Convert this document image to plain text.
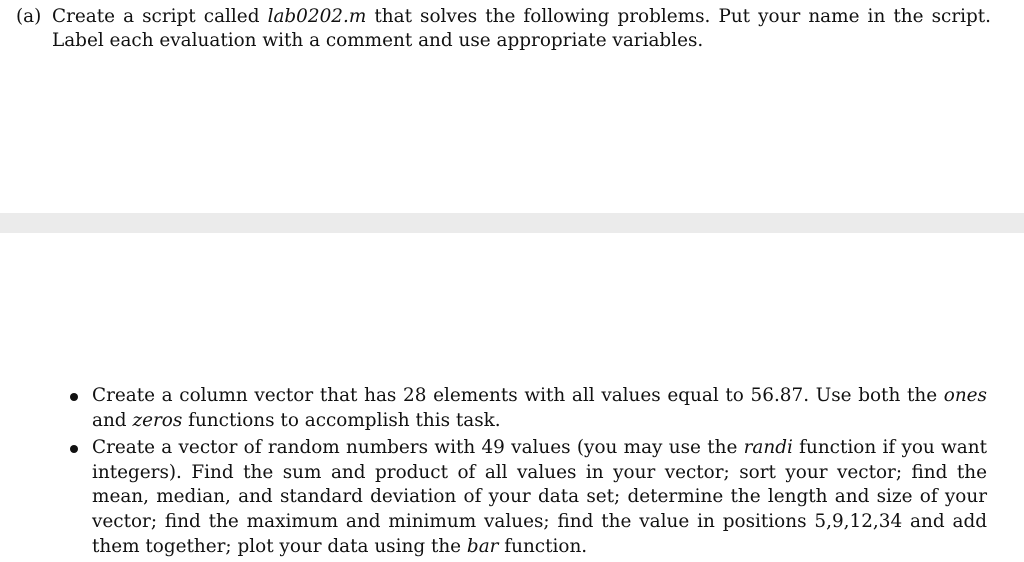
(a) Create a script called lab0202.m that solves the following problems. Put your name in the script. Label each evaluation with a comment and use appropriate variables.
Create a column vector that has 28 elements with all values equal to 56.87. Use both the ones and zeros functions to accomplish this task.
Create a vector of random numbers with 49 values (you may use the randi function if you want integers). Find the sum and product of all values in your vector; sort your vector; find the mean, median, and standard deviation of your data set; determine the length and size of your vector; find the maximum and minimum values; find the value in positions 5,9,12,34 and add them together; plot your data using the bar function.
